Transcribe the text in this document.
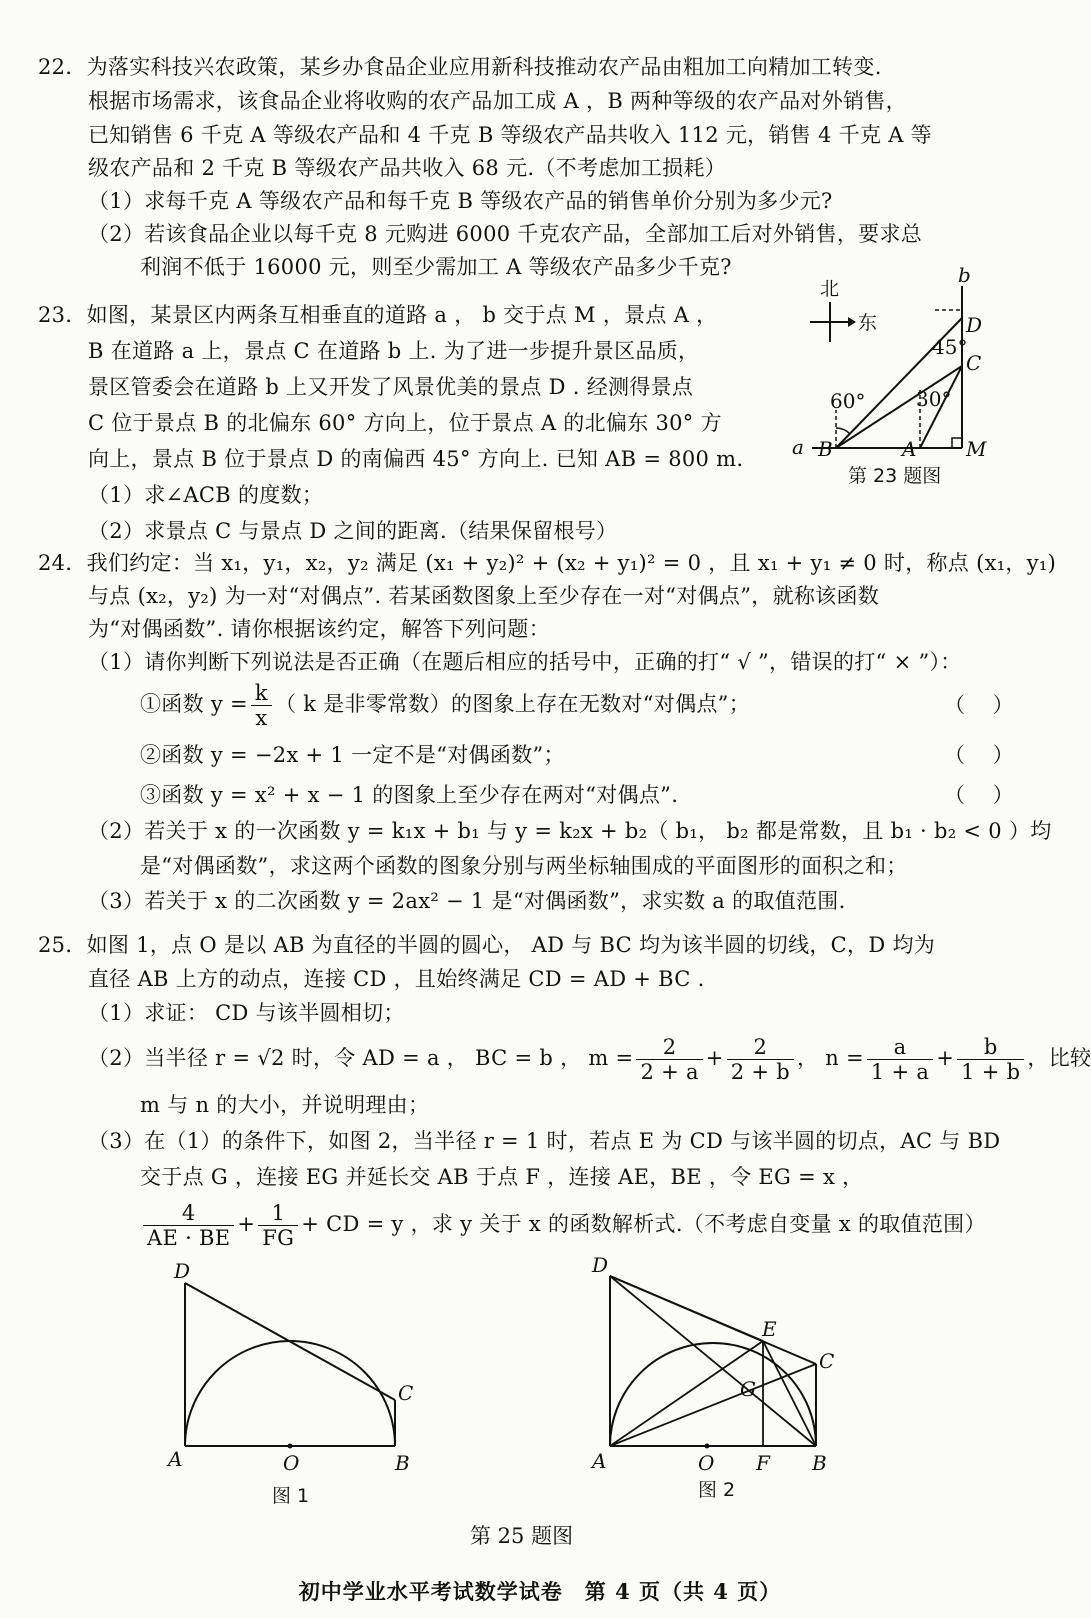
22．为落实科技兴农政策，某乡办食品企业应用新科技推动农产品由粗加工向精加工转变.
根据市场需求，该食品企业将收购的农产品加工成 A ，B 两种等级的农产品对外销售，
已知销售 6 千克 A 等级农产品和 4 千克 B 等级农产品共收入 112 元，销售 4 千克 A 等
级农产品和 2 千克 B 等级农产品共收入 68 元.（不考虑加工损耗）
（1）求每千克 A 等级农产品和每千克 B 等级农产品的销售单价分别为多少元?
（2）若该食品企业以每千克 8 元购进 6000 千克农产品，全部加工后对外销售，要求总
利润不低于 16000 元，则至少需加工 A 等级农产品多少千克?
23．如图，某景区内两条互相垂直的道路 a ， b 交于点 M ，景点 A ，
B 在道路 a 上，景点 C 在道路 b 上. 为了进一步提升景区品质，
景区管委会在道路 b 上又开发了风景优美的景点 D . 经测得景点
C 位于景点 B 的北偏东 60° 方向上，位于景点 A 的北偏东 30° 方
向上，景点 B 位于景点 D 的南偏西 45° 方向上. 已知 AB = 800 m.
（1）求∠ACB 的度数；
（2）求景点 C 与景点 D 之间的距离.（结果保留根号）
北
东
b
a
60°	30°
45°
D
C
B	A M
第 23 题图
24．我们约定：当 x₁，y₁，x₂，y₂ 满足 (x₁ + y₂)² + (x₂ + y₁)² = 0 ，且 x₁ + y₁ ≠ 0 时，称点 (x₁，y₁)
与点 (x₂，y₂) 为一对“对偶点”. 若某函数图象上至少存在一对“对偶点”，就称该函数
为“对偶函数”. 请你根据该约定，解答下列问题：
（1）请你判断下列说法是否正确（在题后相应的括号中，正确的打“ √ ”，错误的打“ × ”）：
①函数 $y = \frac{k}{x}$ （ k 是非零常数）的图象上存在无数对“对偶点”；	（　 ）
②函数 y = −2x + 1 一定不是“对偶函数”；	（　 ）
③函数 y = x² + x − 1 的图象上至少存在两对“对偶点”.	（　 ）
（2）若关于 x 的一次函数 y = k₁x + b₁ 与 y = k₂x + b₂（ b₁， b₂ 都是常数，且 b₁ · b₂ < 0 ）均
是“对偶函数”，求这两个函数的图象分别与两坐标轴围成的平面图形的面积之和；
（3）若关于 x 的二次函数 y = 2ax² − 1 是“对偶函数”，求实数 a 的取值范围.
25．如图 1，点 O 是以 AB 为直径的半圆的圆心， AD 与 BC 均为该半圆的切线，C，D 均为
直径 AB 上方的动点，连接 CD ，且始终满足 CD = AD + BC .
（1）求证： CD 与该半圆相切；
（2）当半径 r = √2 时，令 AD = a ， BC = b ， $m = \frac{2}{2 + a} + \frac{2}{2 + b}$ ， $n = \frac{a}{1 + a} + \frac{b}{1 + b}$ ，比较
m 与 n 的大小，并说明理由；
（3）在（1）的条件下，如图 2，当半径 r = 1 时，若点 E 为 CD 与该半圆的切点，AC 与 BD
交于点 G ，连接 EG 并延长交 AB 于点 F ，连接 AE，BE ，令 EG = x ，
$\frac{4}{AE \cdot BE} + \frac{1}{FG}$ + CD = y ，求 y 关于 x 的函数解析式.（不考虑自变量 x 的取值范围）
D
C
A	O	B
图 1
D
E
C
G
A	O F B
图 2
第 25 题图
初中学业水平考试数学试卷　第 4 页（共 4 页）
